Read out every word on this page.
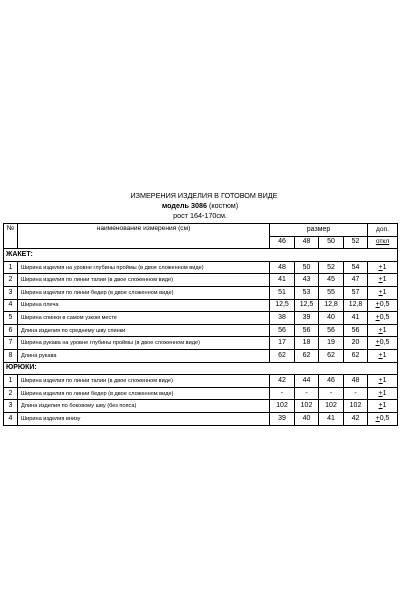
ИЗМЕРЕНИЯ ИЗДЕЛИЯ В ГОТОВОМ ВИДЕ
модель 3086 (костюм)
рост 164-170см.
№	наименование измерения (см)	размер				доп.
		46	48	50	52	откл
ЖАКЕТ:						
1	Ширина изделия на уровне глубины проймы (в двое сложенном виде)	48	50	52	54	+1
2	Ширина изделия по линии талии (в двое сложенном виде)	41	43	45	47	+1
3	Ширина изделия по линии бедер (в двое сложенном виде)	51	53	55	57	+1
4	Ширина плеча	12,5	12,5	12,8	12,8	+0,5
5	Ширина спинки в самом узком месте	38	39	40	41	+0,5
6	Длина изделия по среднему шву спинки	56	56	56	56	+1
7	Ширина рукава на уровне глубины проймы (в двое сложенном виде)	17	18	19	20	+0,5
8	Длина рукава	62	62	62	62	+1
ЮРЮКИ:						
1	Ширина изделия по линии талии (в двое сложенном виде)	42	44	46	48	+1
2	Ширина изделия по линии бедер (в двое сложенном виде)	-	-	-	-	+1
3	Длина изделия по боковому шву (без пояса)	102	102	102	102	+1
4	Ширина изделия внизу	39	40	41	42	+0,5
